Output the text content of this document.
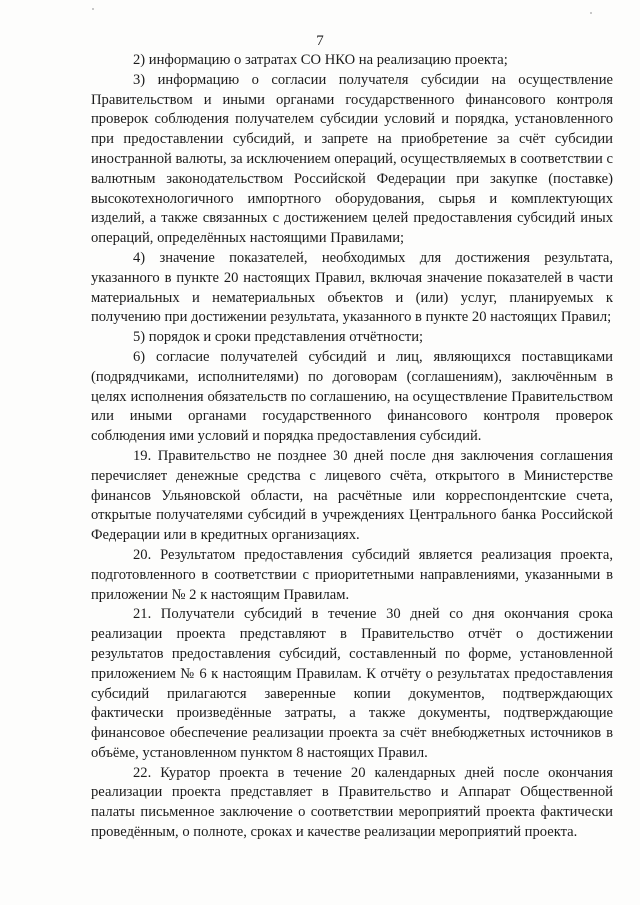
7

2) информацию о затратах СО НКО на реализацию проекта;

3) информацию о согласии получателя субсидии на осуществление Правительством и иными органами государственного финансового контроля проверок соблюдения получателем субсидии условий и порядка, установленного при предоставлении субсидий, и запрете на приобретение за счёт субсидии иностранной валюты, за исключением операций, осуществляемых в соответствии с валютным законодательством Российской Федерации при закупке (поставке) высокотехнологичного импортного оборудования, сырья и комплектующих изделий, а также связанных с достижением целей предоставления субсидий иных операций, определённых настоящими Правилами;

4) значение показателей, необходимых для достижения результата, указанного в пункте 20 настоящих Правил, включая значение показателей в части материальных и нематериальных объектов и (или) услуг, планируемых к получению при достижении результата, указанного в пункте 20 настоящих Правил;

5) порядок и сроки представления отчётности;

6) согласие получателей субсидий и лиц, являющихся поставщиками (подрядчиками, исполнителями) по договорам (соглашениям), заключённым в целях исполнения обязательств по соглашению, на осуществление Правительством или иными органами государственного финансового контроля проверок соблюдения ими условий и порядка предоставления субсидий.

19. Правительство не позднее 30 дней после дня заключения соглашения перечисляет денежные средства с лицевого счёта, открытого в Министерстве финансов Ульяновской области, на расчётные или корреспондентские счета, открытые получателями субсидий в учреждениях Центрального банка Российской Федерации или в кредитных организациях.

20. Результатом предоставления субсидий является реализация проекта, подготовленного в соответствии с приоритетными направлениями, указанными в приложении № 2 к настоящим Правилам.

21. Получатели субсидий в течение 30 дней со дня окончания срока реализации проекта представляют в Правительство отчёт о достижении результатов предоставления субсидий, составленный по форме, установленной приложением № 6 к настоящим Правилам. К отчёту о результатах предоставления субсидий прилагаются заверенные копии документов, подтверждающих фактически произведённые затраты, а также документы, подтверждающие финансовое обеспечение реализации проекта за счёт внебюджетных источников в объёме, установленном пунктом 8 настоящих Правил.

22. Куратор проекта в течение 20 календарных дней после окончания реализации проекта представляет в Правительство и Аппарат Общественной палаты письменное заключение о соответствии мероприятий проекта фактически проведённым, о полноте, сроках и качестве реализации мероприятий проекта.
